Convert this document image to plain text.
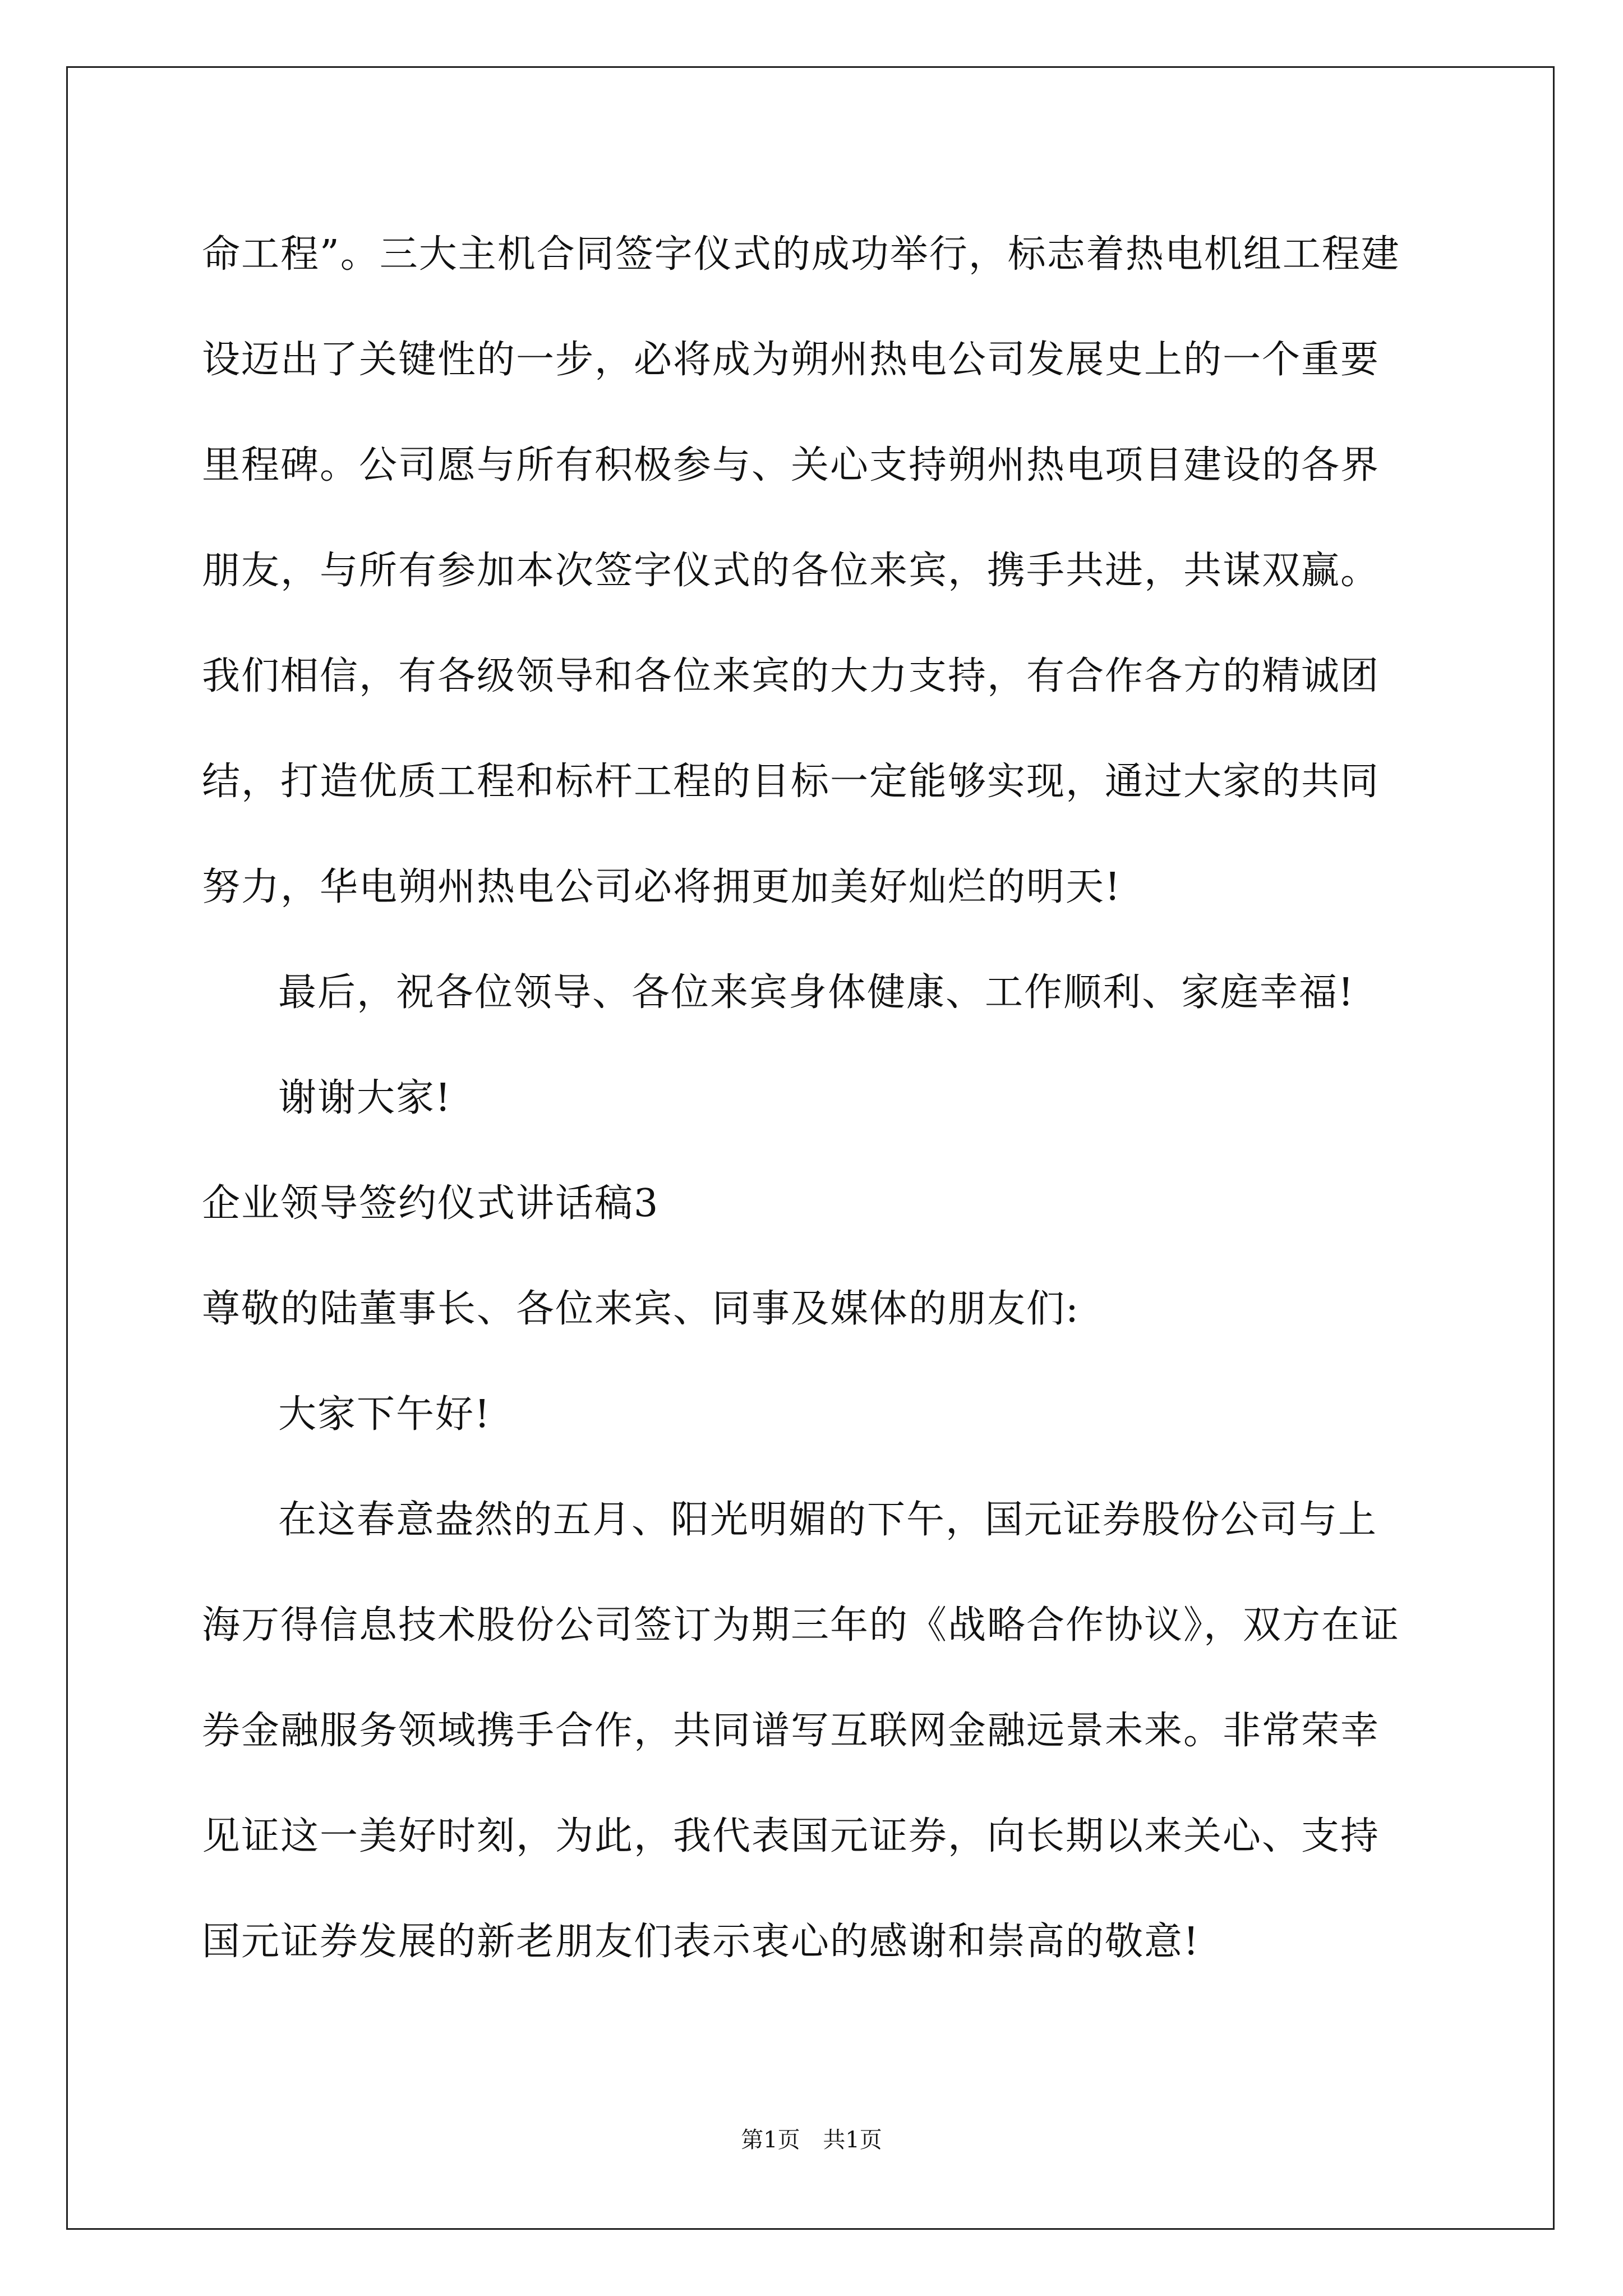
命工程”。三大主机合同签字仪式的成功举行，标志着热电机组工程建
设迈出了关键性的一步，必将成为朔州热电公司发展史上的一个重要
里程碑。公司愿与所有积极参与、关心支持朔州热电项目建设的各界
朋友，与所有参加本次签字仪式的各位来宾，携手共进，共谋双赢。
我们相信，有各级领导和各位来宾的大力支持，有合作各方的精诚团
结，打造优质工程和标杆工程的目标一定能够实现，通过大家的共同
努力，华电朔州热电公司必将拥更加美好灿烂的明天!
最后，祝各位领导、各位来宾身体健康、工作顺利、家庭幸福!
谢谢大家!
企业领导签约仪式讲话稿3
尊敬的陆董事长、各位来宾、同事及媒体的朋友们:
大家下午好!
在这春意盎然的五月、阳光明媚的下午，国元证券股份公司与上
海万得信息技术股份公司签订为期三年的《战略合作协议》，双方在证
券金融服务领域携手合作，共同谱写互联网金融远景未来。非常荣幸
见证这一美好时刻，为此，我代表国元证券，向长期以来关心、支持
国元证券发展的新老朋友们表示衷心的感谢和崇高的敬意!
第1页 共1页
